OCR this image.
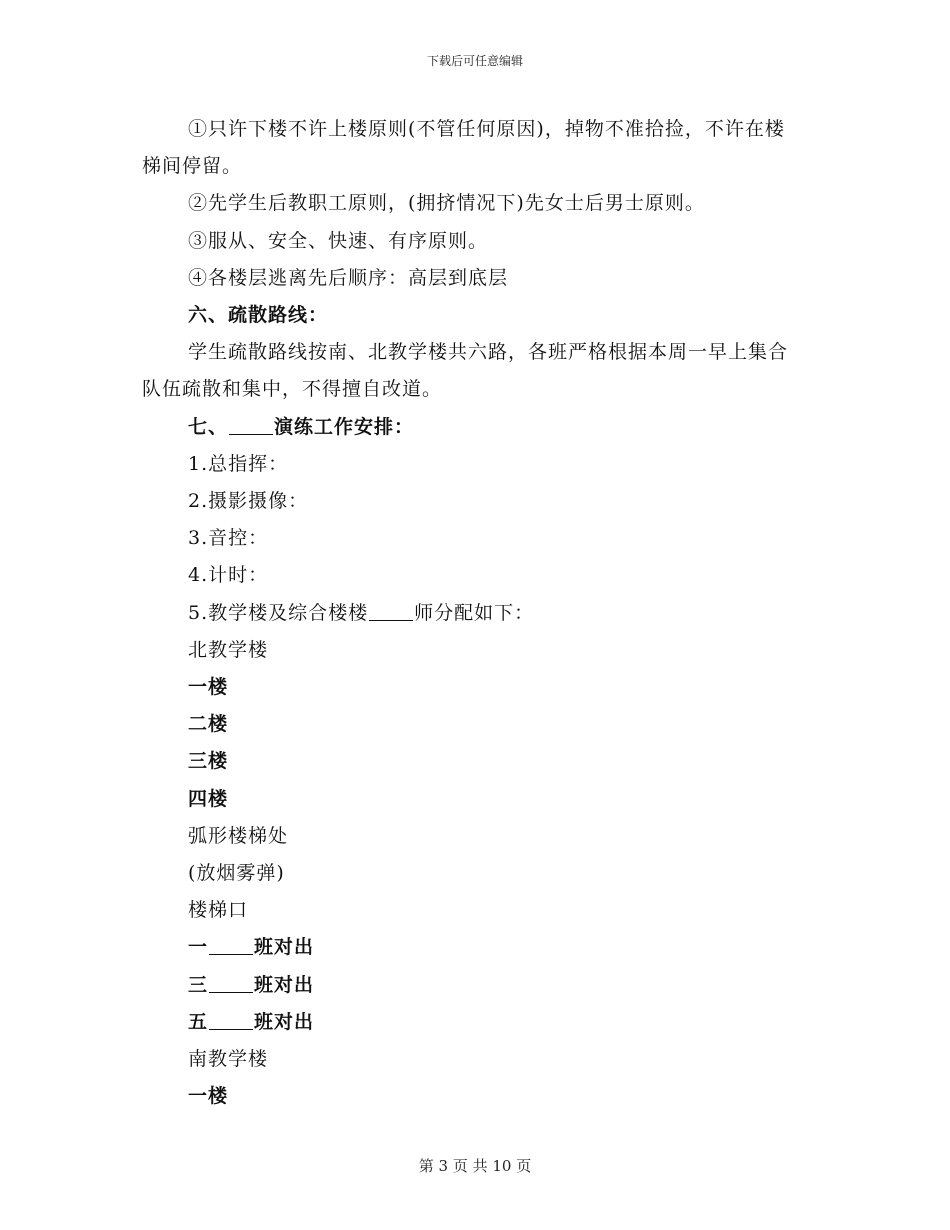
下载后可任意编辑

①只许下楼不许上楼原则(不管任何原因)，掉物不准拾捡，不许在楼梯间停留。

②先学生后教职工原则，(拥挤情况下)先女士后男士原则。

③服从、安全、快速、有序原则。

④各楼层逃离先后顺序：高层到底层

六、疏散路线：

学生疏散路线按南、北教学楼共六路，各班严格根据本周一早上集合队伍疏散和集中，不得擅自改道。

七、 演练工作安排：

1.总指挥：

2.摄影摄像：

3.音控：

4.计时：

5.教学楼及综合楼楼 师分配如下：

北教学楼

一楼

二楼

三楼

四楼

弧形楼梯处

(放烟雾弹)

楼梯口

一 班对出

三 班对出

五 班对出

南教学楼

一楼

第 3 页 共 10 页
